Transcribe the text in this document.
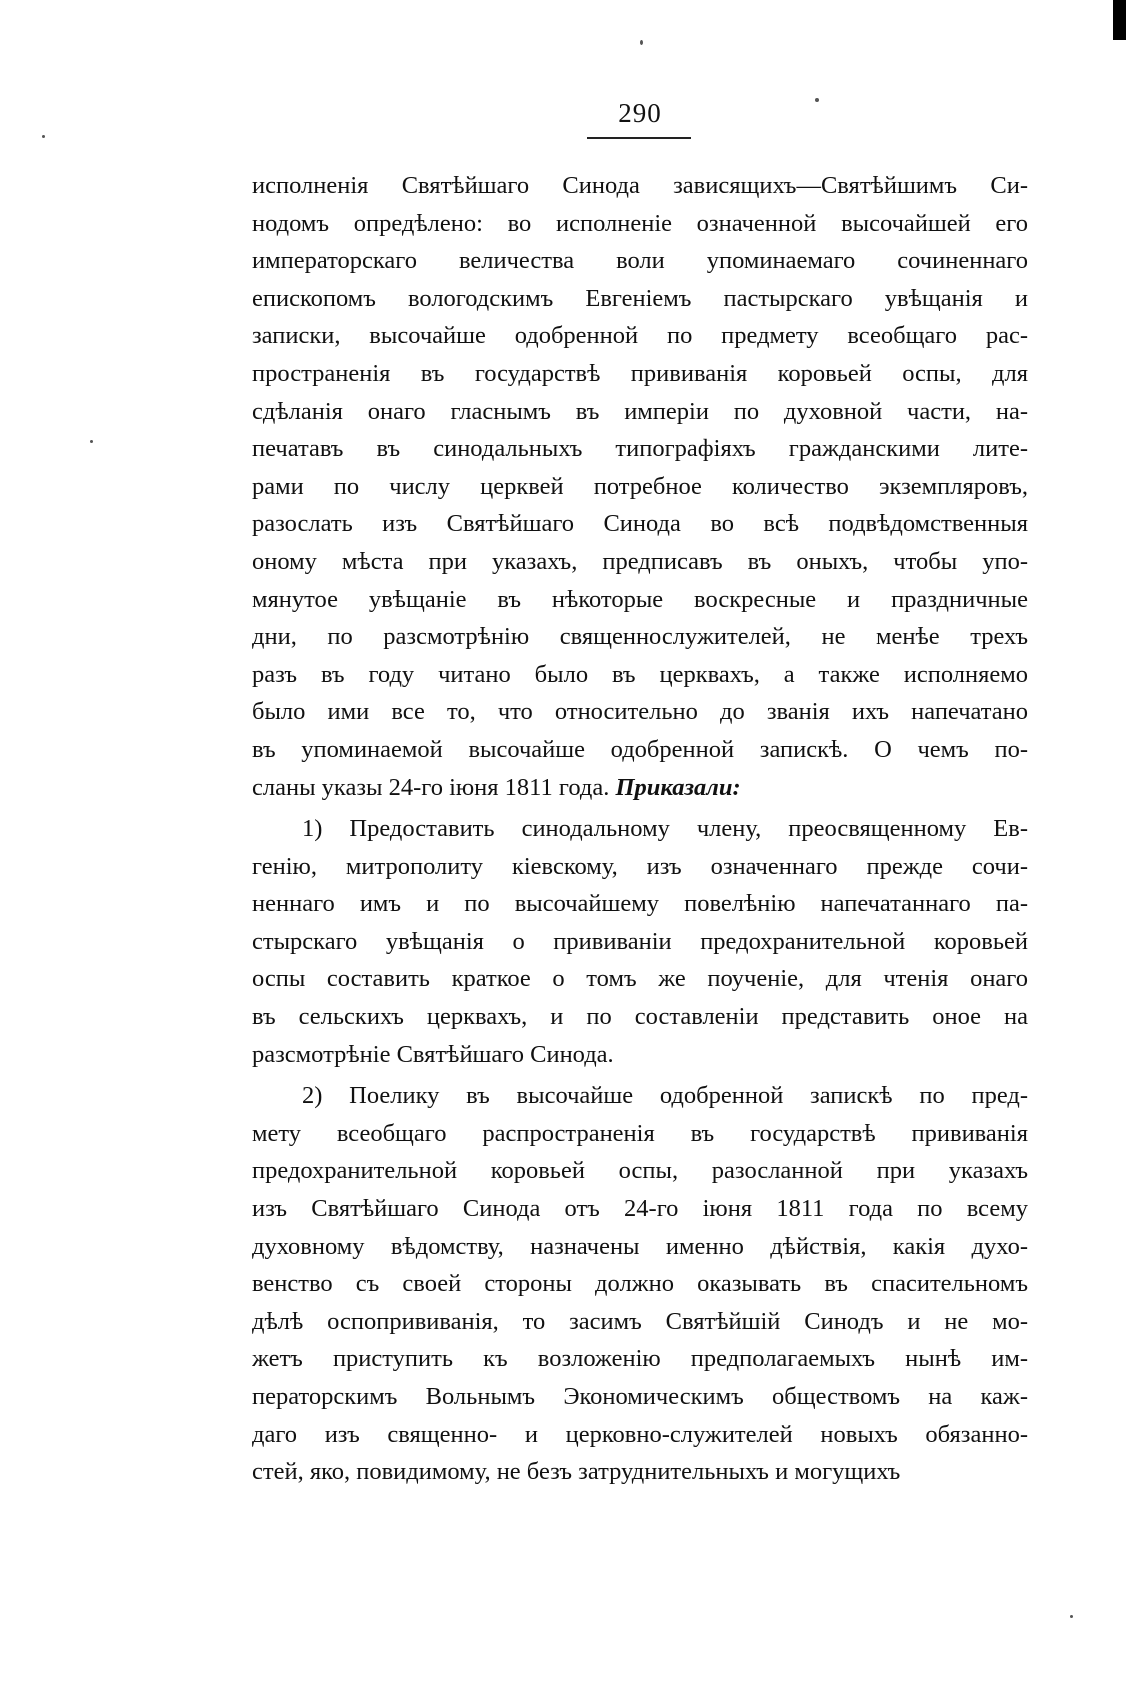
290
исполненія Святѣйшаго Синода зависящихъ—Святѣйшимъ Си-
нодомъ опредѣлено: во исполненіе означенной высочайшей его
императорскаго величества воли упоминаемаго сочиненнаго
епископомъ вологодскимъ Евгеніемъ пастырскаго увѣщанія и
записки, высочайше одобренной по предмету всеобщаго рас-
пространенія въ государствѣ прививанія коровьей оспы, для
сдѣланія онаго гласнымъ въ имперіи по духовной части, на-
печатавъ въ синодальныхъ типографіяхъ гражданскими лите-
рами по числу церквей потребное количество экземпляровъ,
разослать изъ Святѣйшаго Синода во всѣ подвѣдомственныя
оному мѣста при указахъ, предписавъ въ оныхъ, чтобы упо-
мянутое увѣщаніе въ нѣкоторые воскресные и праздничные
дни, по разсмотрѣнію священнослужителей, не менѣе трехъ
разъ въ году читано было въ церквахъ, а также исполняемо
было ими все то, что относительно до званія ихъ напечатано
въ упоминаемой высочайше одобренной запискѣ. О чемъ по-
сланы указы 24-го іюня 1811 года. Приказали:
1) Предоставить синодальному члену, преосвященному Ев-
генію, митрополиту кіевскому, изъ означеннаго прежде сочи-
неннаго имъ и по высочайшему повелѣнію напечатаннаго па-
стырскаго увѣщанія о прививаніи предохранительной коровьей
оспы составить краткое о томъ же поученіе, для чтенія онаго
въ сельскихъ церквахъ, и по составленіи представить оное на
разсмотрѣніе Святѣйшаго Синода.
2) Поелику въ высочайше одобренной запискѣ по пред-
мету всеобщаго распространенія въ государствѣ прививанія
предохранительной коровьей оспы, разосланной при указахъ
изъ Святѣйшаго Синода отъ 24-го іюня 1811 года по всему
духовному вѣдомству, назначены именно дѣйствія, какія духо-
венство съ своей стороны должно оказывать въ спасительномъ
дѣлѣ оспопрививанія, то засимъ Святѣйшій Синодъ и не мо-
жетъ приступить къ возложенію предполагаемыхъ нынѣ им-
ператорскимъ Вольнымъ Экономическимъ обществомъ на каж-
даго изъ священно- и церковно-служителей новыхъ обязанно-
стей, яко, повидимому, не безъ затруднительныхъ и могущихъ
